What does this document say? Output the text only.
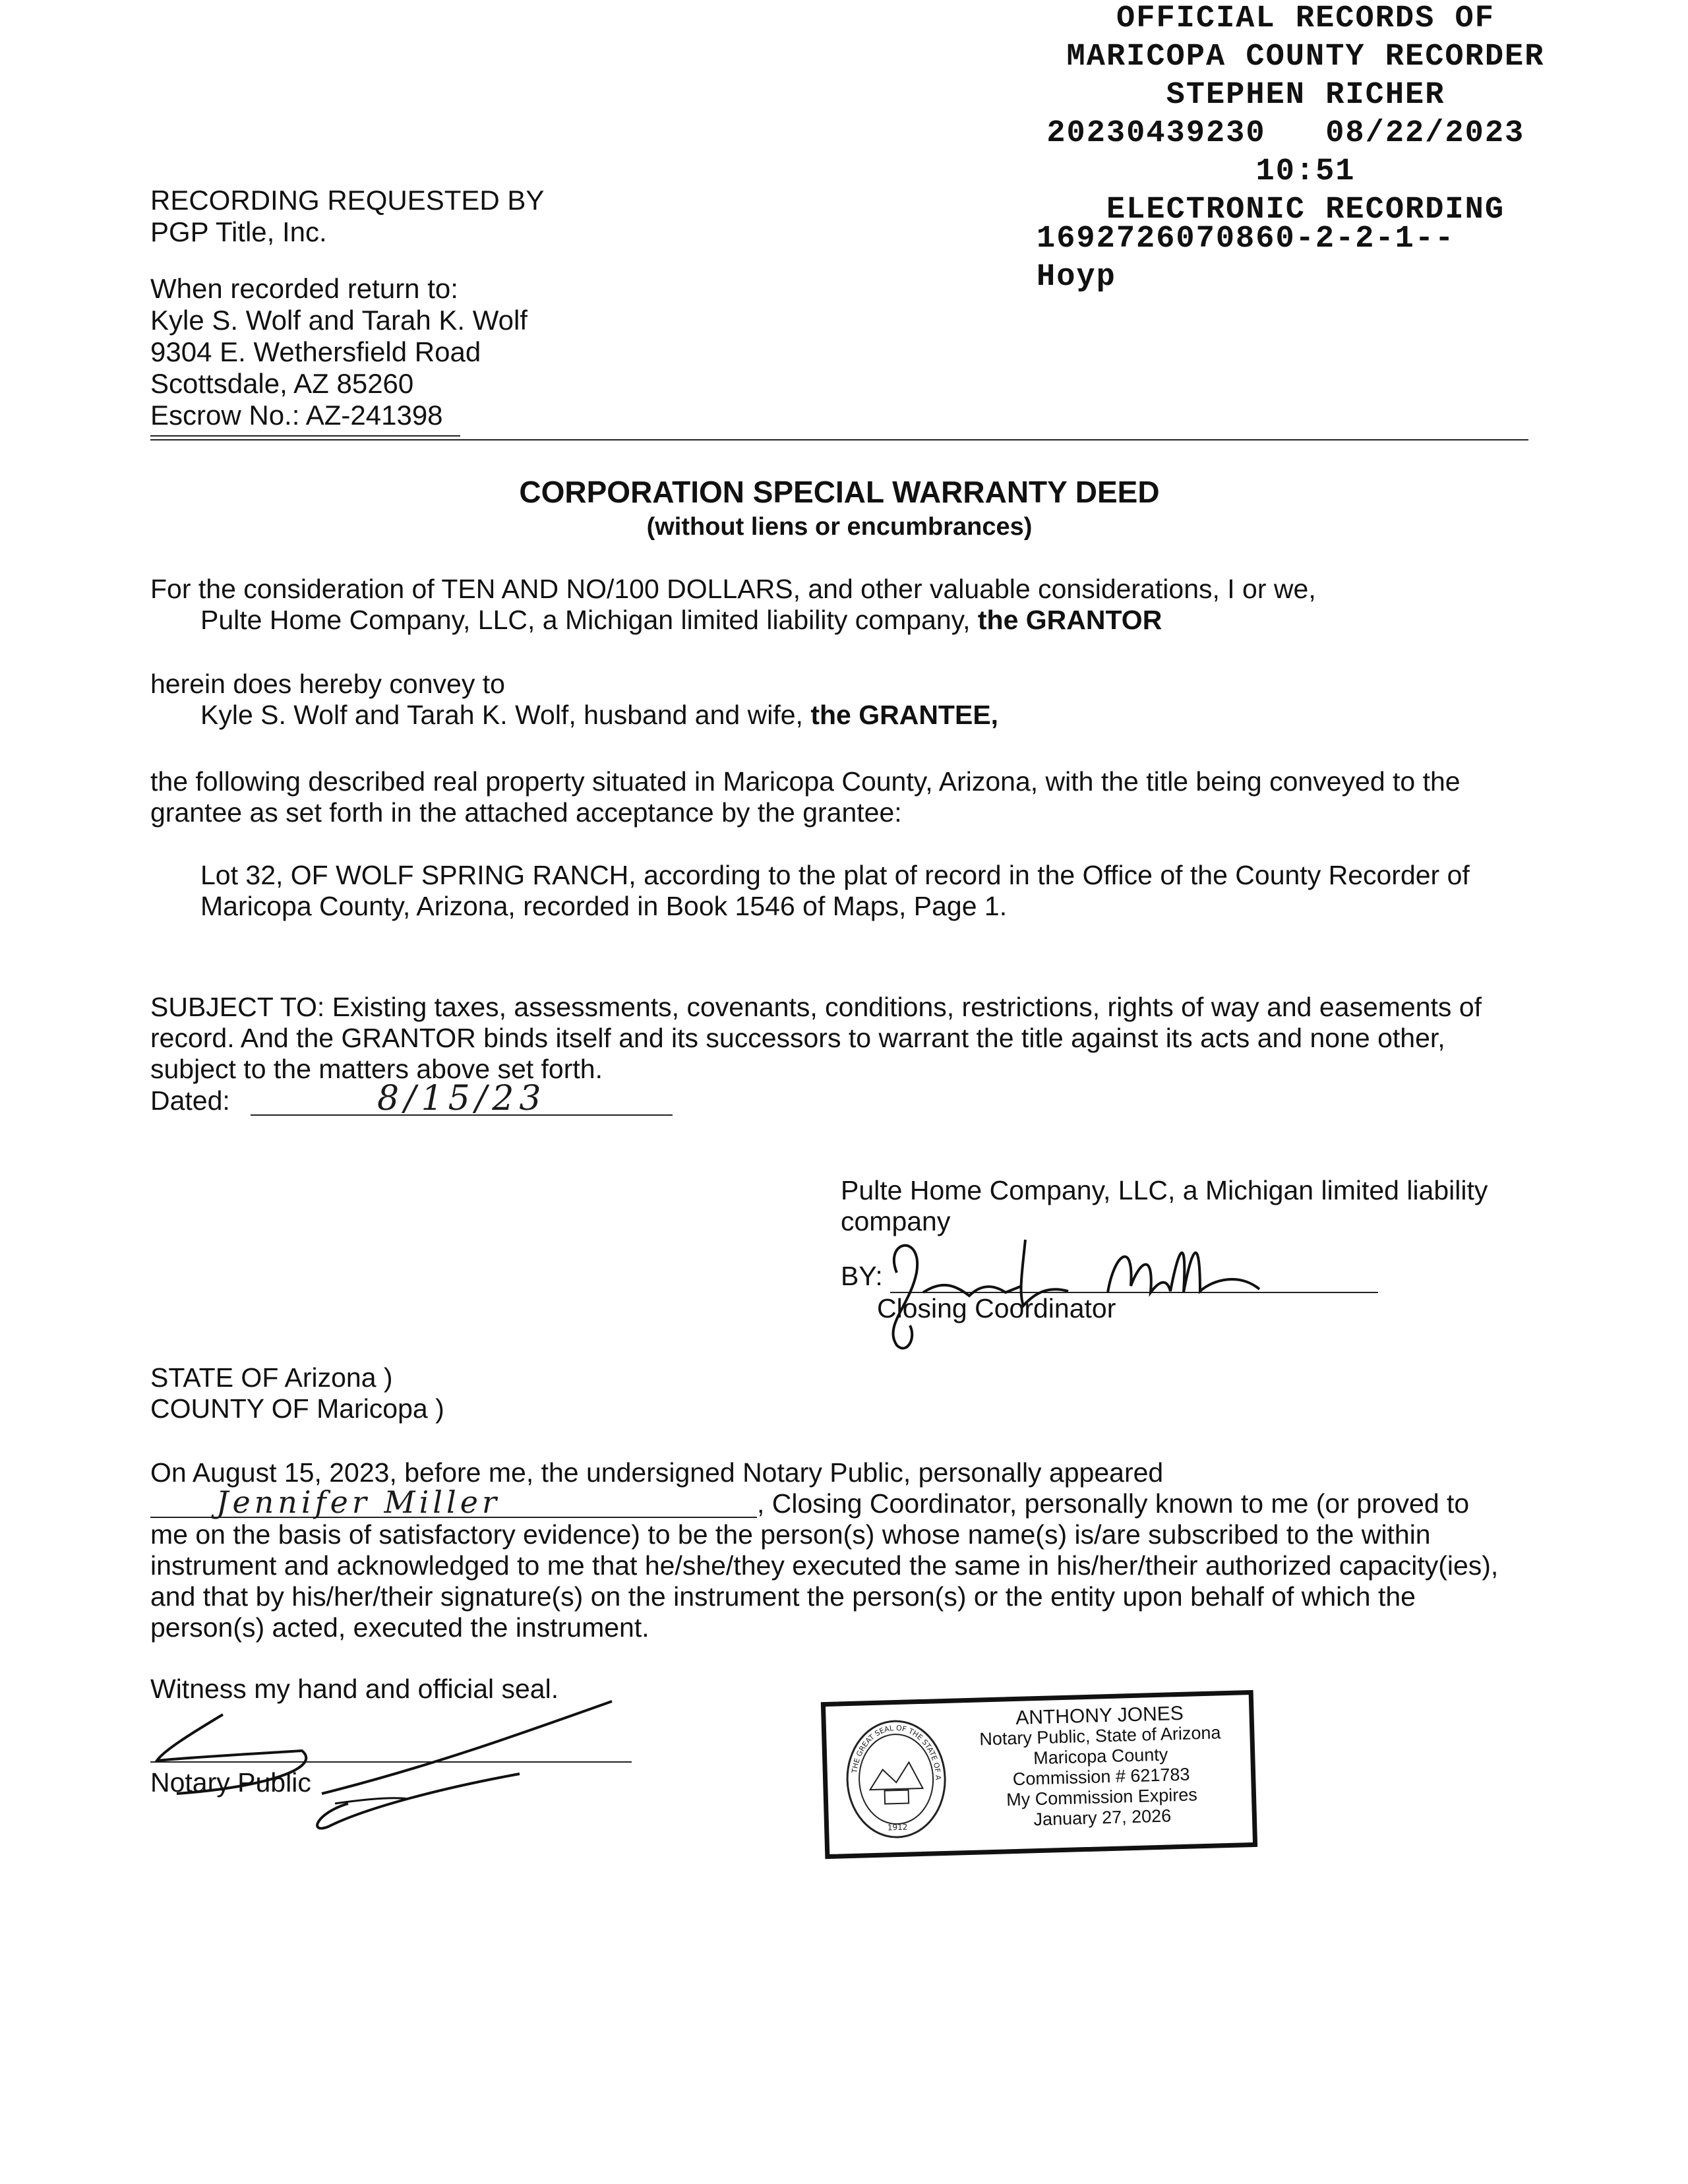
OFFICIAL RECORDS OF
MARICOPA COUNTY RECORDER
STEPHEN RICHER
20230439230 08/22/2023   10:51
ELECTRONIC RECORDING
1692726070860-2-2-1--
Hoyp
RECORDING REQUESTED BY
PGP Title, Inc.
When recorded return to:
Kyle S. Wolf and Tarah K. Wolf
9304 E. Wethersfield Road
Scottsdale, AZ 85260
Escrow No.: AZ-241398
CORPORATION SPECIAL WARRANTY DEED
(without liens or encumbrances)
For the consideration of TEN AND NO/100 DOLLARS, and other valuable considerations, I or we,
Pulte Home Company, LLC, a Michigan limited liability company, the GRANTOR
herein does hereby convey to
Kyle S. Wolf and Tarah K. Wolf, husband and wife, the GRANTEE,
the following described real property situated in Maricopa County, Arizona, with the title being conveyed to the
grantee as set forth in the attached acceptance by the grantee:
Lot 32, OF WOLF SPRING RANCH, according to the plat of record in the Office of the County Recorder of
Maricopa County, Arizona, recorded in Book 1546 of Maps, Page 1.
SUBJECT TO: Existing taxes, assessments, covenants, conditions, restrictions, rights of way and easements of
record. And the GRANTOR binds itself and its successors to warrant the title against its acts and none other,
subject to the matters above set forth.
Dated:	8/15/23
Pulte Home Company, LLC, a Michigan limited liability
company
BY:
Closing Coordinator
STATE OF Arizona )
COUNTY OF Maricopa )
On August 15, 2023, before me, the undersigned Notary Public, personally appeared
Jennifer Miller	, Closing Coordinator, personally known to me (or proved to
me on the basis of satisfactory evidence) to be the person(s) whose name(s) is/are subscribed to the within
instrument and acknowledged to me that he/she/they executed the same in his/her/their authorized capacity(ies),
and that by his/her/their signature(s) on the instrument the person(s) or the entity upon behalf of which the
person(s) acted, executed the instrument.
Witness my hand and official seal.
Notary Public	THE GREAT SEAL OF THE STATE OF ARIZONA
1912
ANTHONY JONES
Notary Public, State of Arizona
Maricopa County
Commission # 621783
My Commission Expires
January 27, 2026
